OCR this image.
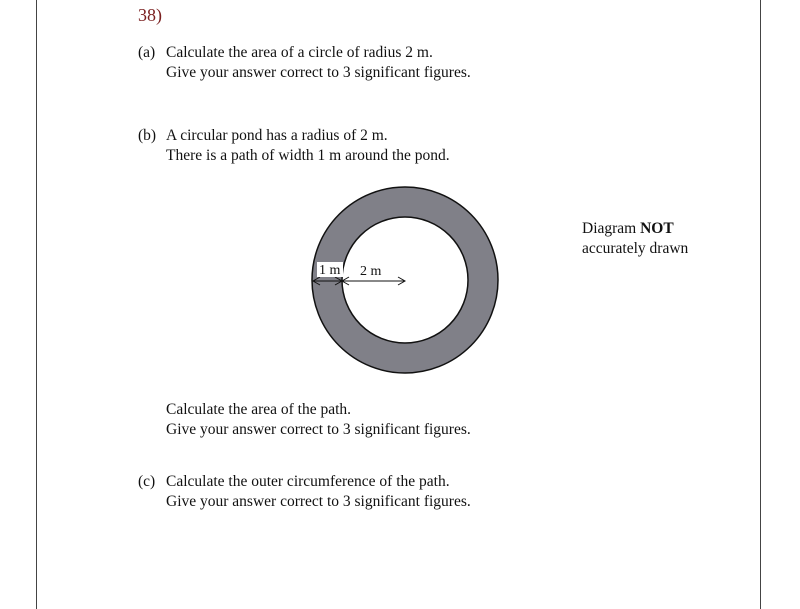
38)
(a) Calculate the area of a circle of radius 2 m.
Give your answer correct to 3 significant figures.
(b) A circular pond has a radius of 2 m.
There is a path of width 1 m around the pond.
1 m 2 m
Diagram NOT
accurately drawn
Calculate the area of the path.
Give your answer correct to 3 significant figures.
(c) Calculate the outer circumference of the path.
Give your answer correct to 3 significant figures.
